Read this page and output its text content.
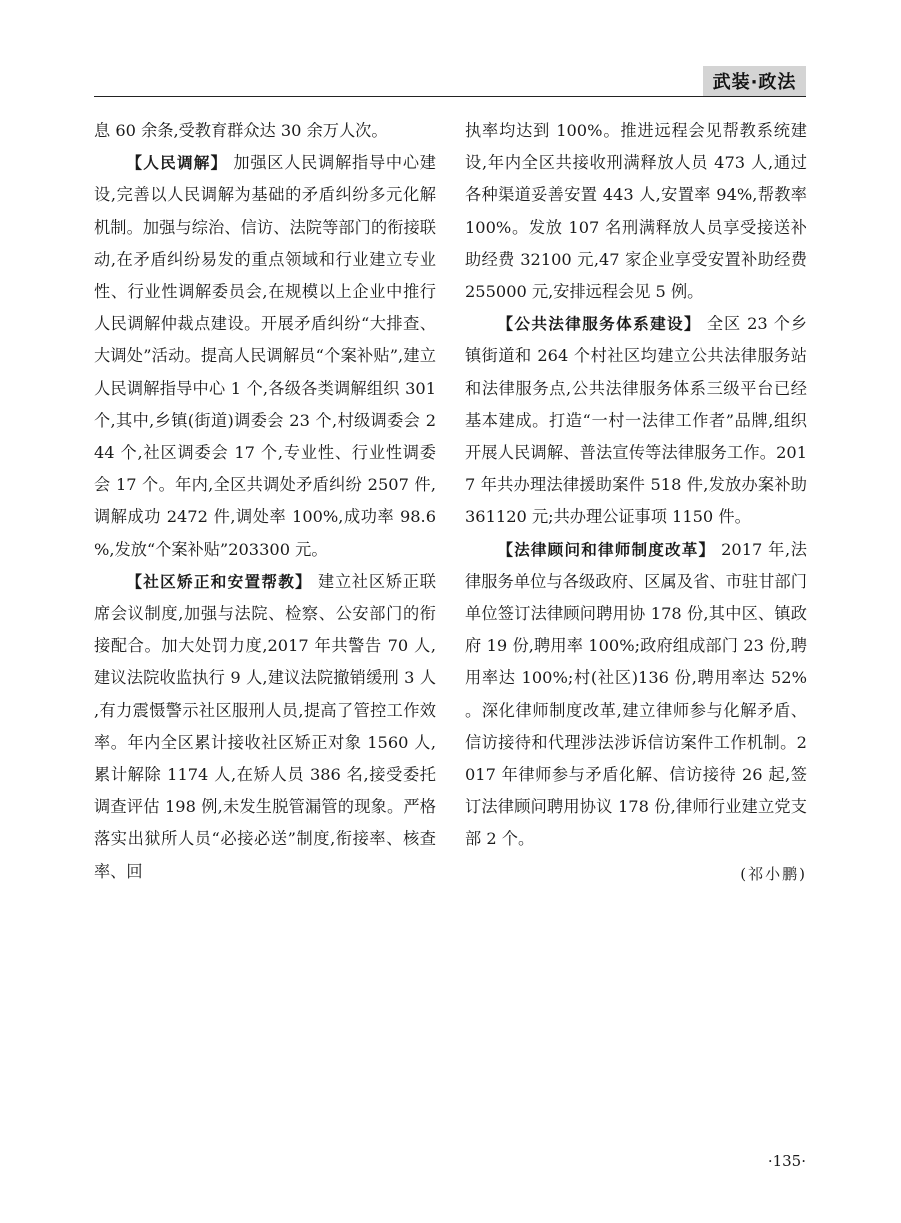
武装·政法

息 60 余条,受教育群众达 30 余万人次。

【人民调解】 加强区人民调解指导中心建设,完善以人民调解为基础的矛盾纠纷多元化解机制。加强与综治、信访、法院等部门的衔接联动,在矛盾纠纷易发的重点领域和行业建立专业性、行业性调解委员会,在规模以上企业中推行人民调解仲裁点建设。开展矛盾纠纷“大排查、大调处”活动。提高人民调解员“个案补贴”,建立人民调解指导中心 1 个,各级各类调解组织 301 个,其中,乡镇(街道)调委会 23 个,村级调委会 244 个,社区调委会 17 个,专业性、行业性调委会 17 个。年内,全区共调处矛盾纠纷 2507 件,调解成功 2472 件,调处率 100%,成功率 98.6%,发放“个案补贴”203300 元。

【社区矫正和安置帮教】 建立社区矫正联席会议制度,加强与法院、检察、公安部门的衔接配合。加大处罚力度,2017 年共警告 70 人,建议法院收监执行 9 人,建议法院撤销缓刑 3 人,有力震慑警示社区服刑人员,提高了管控工作效率。年内全区累计接收社区矫正对象 1560 人,累计解除 1174 人,在矫人员 386 名,接受委托调查评估 198 例,未发生脱管漏管的现象。严格落实出狱所人员“必接必送”制度,衔接率、核查率、回

执率均达到 100%。推进远程会见帮教系统建设,年内全区共接收刑满释放人员 473 人,通过各种渠道妥善安置 443 人,安置率 94%,帮教率 100%。发放 107 名刑满释放人员享受接送补助经费 32100 元,47 家企业享受安置补助经费 255000 元,安排远程会见 5 例。

【公共法律服务体系建设】 全区 23 个乡镇街道和 264 个村社区均建立公共法律服务站和法律服务点,公共法律服务体系三级平台已经基本建成。打造“一村一法律工作者”品牌,组织开展人民调解、普法宣传等法律服务工作。2017 年共办理法律援助案件 518 件,发放办案补助 361120 元;共办理公证事项 1150 件。

【法律顾问和律师制度改革】 2017 年,法律服务单位与各级政府、区属及省、市驻甘部门单位签订法律顾问聘用协 178 份,其中区、镇政府 19 份,聘用率 100%;政府组成部门 23 份,聘用率达 100%;村(社区)136 份,聘用率达 52%。深化律师制度改革,建立律师参与化解矛盾、信访接待和代理涉法涉诉信访案件工作机制。2017 年律师参与矛盾化解、信访接待 26 起,签订法律顾问聘用协议 178 份,律师行业建立党支部 2 个。

(祁小鹏)
·135·
